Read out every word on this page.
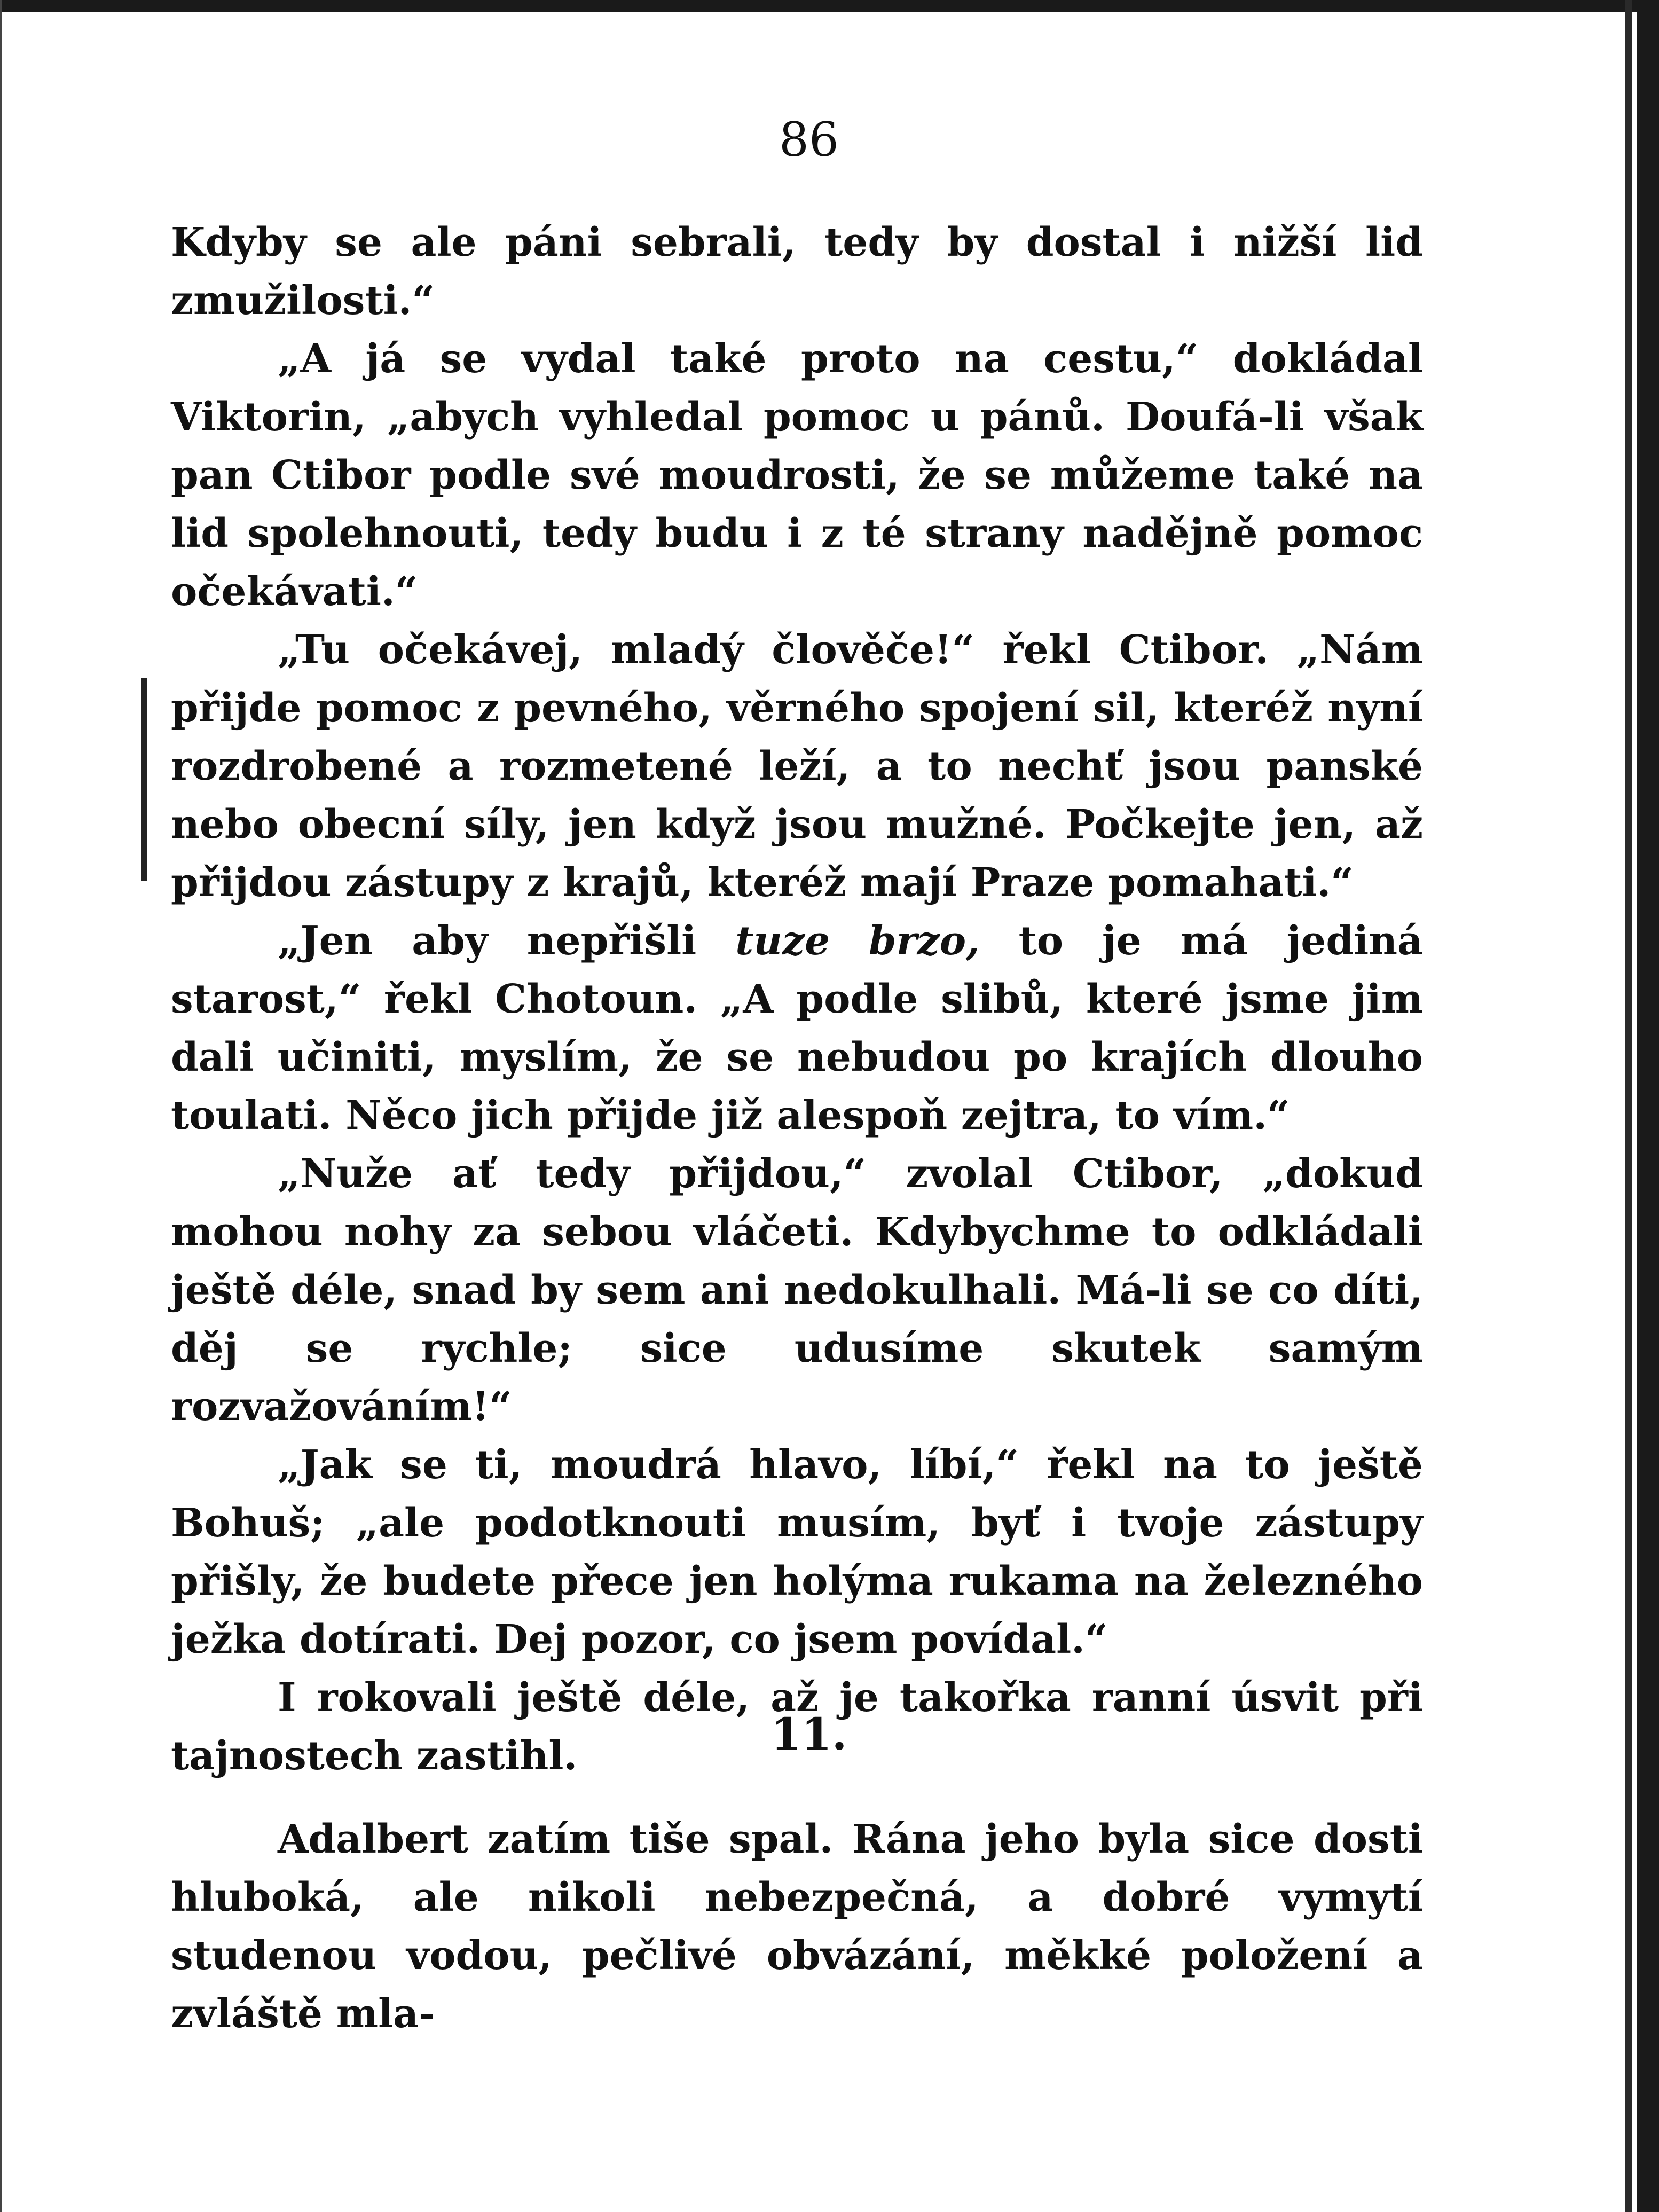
86

Kdyby se ale páni sebrali, tedy by dostal i nižší lid zmužilosti.“

„A já se vydal také proto na cestu,“ dokládal Viktorin, „abych vyhledal pomoc u pánů. Doufá-li však pan Ctibor podle své moudrosti, že se můžeme také na lid spolehnouti, tedy budu i z té strany nadějně pomoc očekávati.“

„Tu očekávej, mladý člověče!“ řekl Ctibor. „Nám přijde pomoc z pevného, věrného spojení sil, kteréž nyní rozdrobené a rozmetené leží, a to nechť jsou panské nebo obecní síly, jen když jsou mužné. Počkejte jen, až přijdou zástupy z krajů, kteréž mají Praze pomahati.“

„Jen aby nepřišli tuze brzo, to je má jediná starost,“ řekl Chotoun. „A podle slibů, které jsme jim dali učiniti, myslím, že se nebudou po krajích dlouho toulati. Něco jich přijde již alespoň zejtra, to vím.“

„Nuže ať tedy přijdou,“ zvolal Ctibor, „dokud mohou nohy za sebou vláčeti. Kdybychme to odkládali ještě déle, snad by sem ani nedokulhali. Má-li se co díti, děj se rychle; sice udusíme skutek samým rozvažováním!“

„Jak se ti, moudrá hlavo, líbí,“ řekl na to ještě Bohuš; „ale podotknouti musím, byť i tvoje zástupy přišly, že budete přece jen holýma rukama na železného ježka dotírati. Dej pozor, co jsem povídal.“

I rokovali ještě déle, až je takořka ranní úsvit při tajnostech zastihl.	11.

Adalbert zatím tiše spal. Rána jeho byla sice dosti hluboká, ale nikoli nebezpečná, a dobré vymytí studenou vodou, pečlivé obvázání, měkké položení a zvláště mla-
